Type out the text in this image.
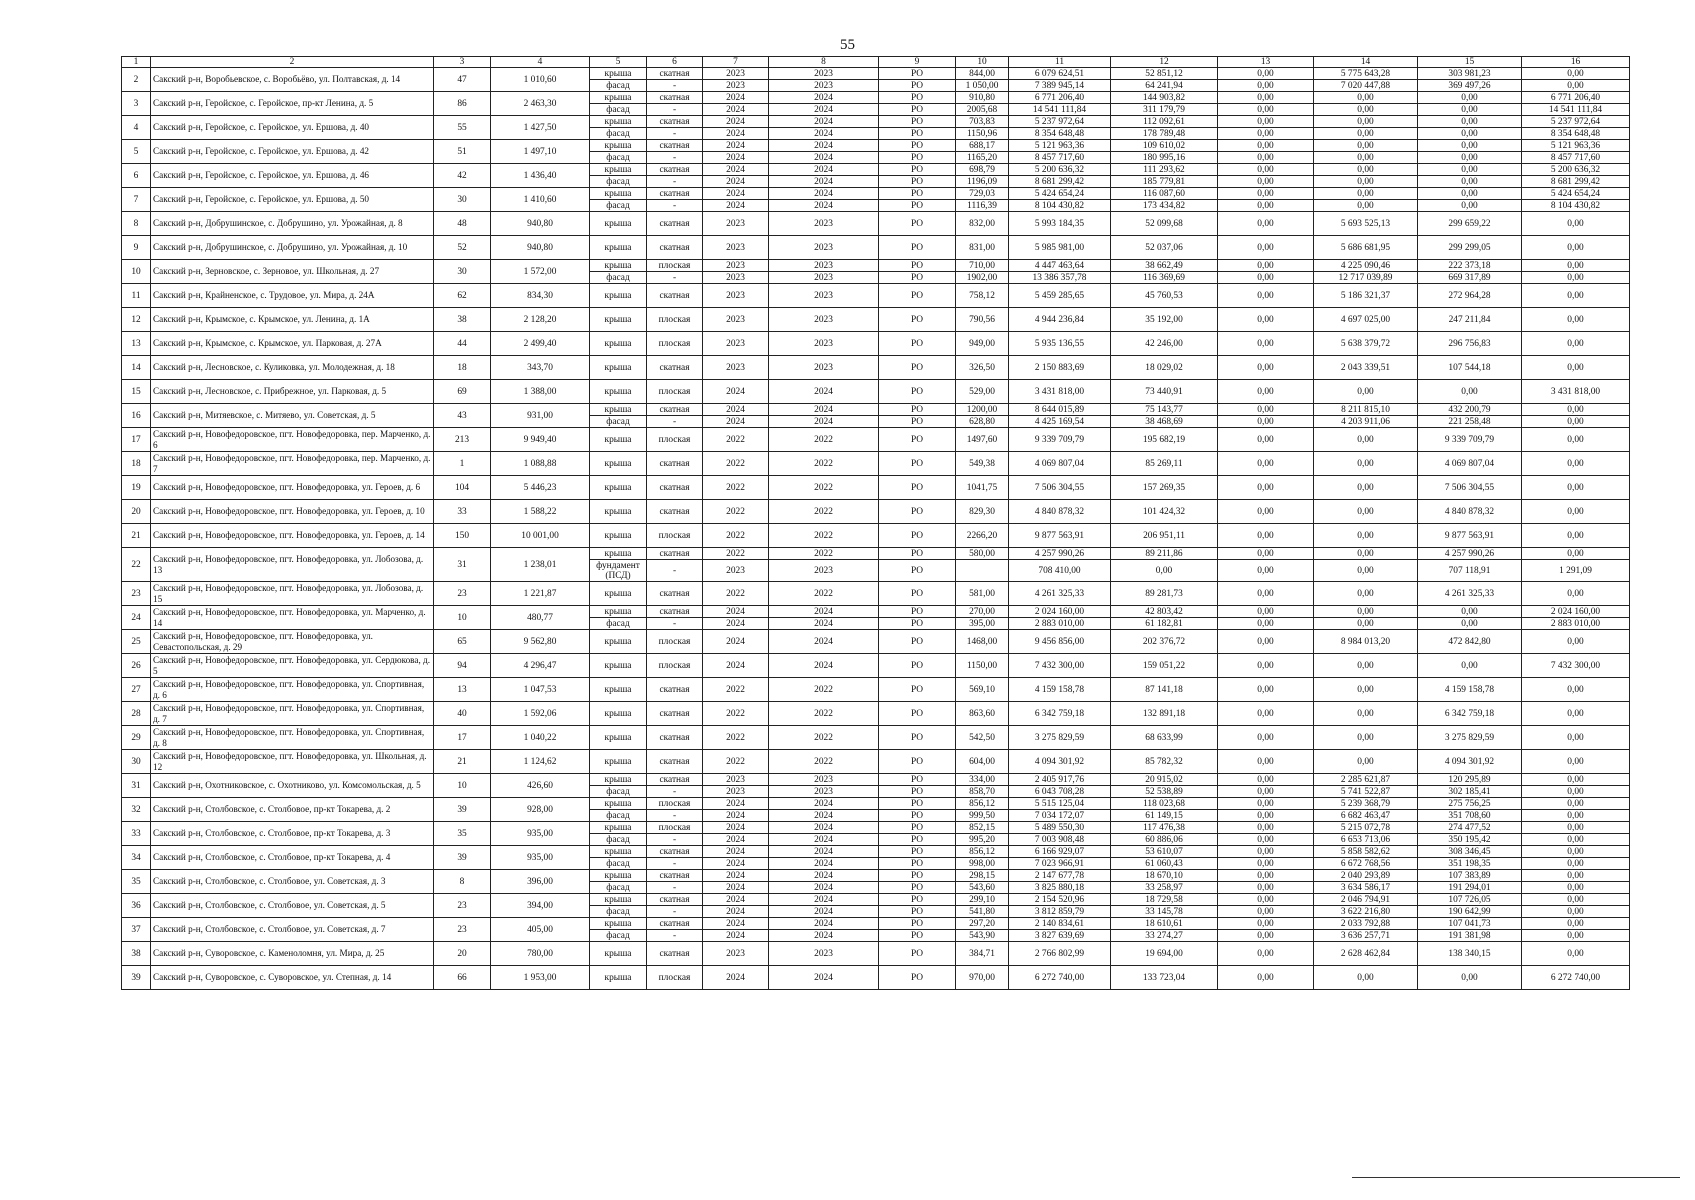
55
1	2	3	4	5	6	7	8	9	10	11	12	13	14	15	16
2	Сакский р-н, Воробьевское, с. Воробьёво, ул. Полтавская, д. 14	47	1 010,60	крыша	скатная	2023	2023	РО	844,00	6 079 624,51	52 851,12	0,00	5 775 643,28	303 981,23	0,00
				фасад	-	2023	2023	РО	1 050,00	7 389 945,14	64 241,94	0,00	7 020 447,88	369 497,26	0,00
3	Сакский р-н, Геройское, с. Геройское, пр-кт Ленина, д. 5	86	2 463,30	крыша	скатная	2024	2024	РО	910,80	6 771 206,40	144 903,82	0,00	0,00	0,00	6 771 206,40
				фасад	-	2024	2024	РО	2005,68	14 541 111,84	311 179,79	0,00	0,00	0,00	14 541 111,84
4	Сакский р-н, Геройское, с. Геройское, ул. Ершова, д. 40	55	1 427,50	крыша	скатная	2024	2024	РО	703,83	5 237 972,64	112 092,61	0,00	0,00	0,00	5 237 972,64
				фасад	-	2024	2024	РО	1150,96	8 354 648,48	178 789,48	0,00	0,00	0,00	8 354 648,48
5	Сакский р-н, Геройское, с. Геройское, ул. Ершова, д. 42	51	1 497,10	крыша	скатная	2024	2024	РО	688,17	5 121 963,36	109 610,02	0,00	0,00	0,00	5 121 963,36
				фасад	-	2024	2024	РО	1165,20	8 457 717,60	180 995,16	0,00	0,00	0,00	8 457 717,60
6	Сакский р-н, Геройское, с. Геройское, ул. Ершова, д. 46	42	1 436,40	крыша	скатная	2024	2024	РО	698,79	5 200 636,32	111 293,62	0,00	0,00	0,00	5 200 636,32
				фасад	-	2024	2024	РО	1196,09	8 681 299,42	185 779,81	0,00	0,00	0,00	8 681 299,42
7	Сакский р-н, Геройское, с. Геройское, ул. Ершова, д. 50	30	1 410,60	крыша	скатная	2024	2024	РО	729,03	5 424 654,24	116 087,60	0,00	0,00	0,00	5 424 654,24
				фасад	-	2024	2024	РО	1116,39	8 104 430,82	173 434,82	0,00	0,00	0,00	8 104 430,82
8	Сакский р-н, Добрушинское, с. Добрушино, ул. Урожайная, д. 8	48	940,80	крыша	скатная	2023	2023	РО	832,00	5 993 184,35	52 099,68	0,00	5 693 525,13	299 659,22	0,00
9	Сакский р-н, Добрушинское, с. Добрушино, ул. Урожайная, д. 10	52	940,80	крыша	скатная	2023	2023	РО	831,00	5 985 981,00	52 037,06	0,00	5 686 681,95	299 299,05	0,00
10	Сакский р-н, Зерновское, с. Зерновое, ул. Школьная, д. 27	30	1 572,00	крыша	плоская	2023	2023	РО	710,00	4 447 463,64	38 662,49	0,00	4 225 090,46	222 373,18	0,00
				фасад	-	2023	2023	РО	1902,00	13 386 357,78	116 369,69	0,00	12 717 039,89	669 317,89	0,00
11	Сакский р-н, Крайненское, с. Трудовое, ул. Мира, д. 24А	62	834,30	крыша	скатная	2023	2023	РО	758,12	5 459 285,65	45 760,53	0,00	5 186 321,37	272 964,28	0,00
12	Сакский р-н, Крымское, с. Крымское, ул. Ленина, д. 1А	38	2 128,20	крыша	плоская	2023	2023	РО	790,56	4 944 236,84	35 192,00	0,00	4 697 025,00	247 211,84	0,00
13	Сакский р-н, Крымское, с. Крымское, ул. Парковая, д. 27А	44	2 499,40	крыша	плоская	2023	2023	РО	949,00	5 935 136,55	42 246,00	0,00	5 638 379,72	296 756,83	0,00
14	Сакский р-н, Лесновское, с. Куликовка, ул. Молодежная, д. 18	18	343,70	крыша	скатная	2023	2023	РО	326,50	2 150 883,69	18 029,02	0,00	2 043 339,51	107 544,18	0,00
15	Сакский р-н, Лесновское, с. Прибрежное, ул. Парковая, д. 5	69	1 388,00	крыша	плоская	2024	2024	РО	529,00	3 431 818,00	73 440,91	0,00	0,00	0,00	3 431 818,00
16	Сакский р-н, Митяевское, с. Митяево, ул. Советская, д. 5	43	931,00	крыша	скатная	2024	2024	РО	1200,00	8 644 015,89	75 143,77	0,00	8 211 815,10	432 200,79	0,00
				фасад	-	2024	2024	РО	628,80	4 425 169,54	38 468,69	0,00	4 203 911,06	221 258,48	0,00
17	Сакский р-н, Новофедоровское, пгт. Новофедоровка, пер. Марченко, д. 6	213	9 949,40	крыша	плоская	2022	2022	РО	1497,60	9 339 709,79	195 682,19	0,00	0,00	9 339 709,79	0,00
18	Сакский р-н, Новофедоровское, пгт. Новофедоровка, пер. Марченко, д. 7	1	1 088,88	крыша	скатная	2022	2022	РО	549,38	4 069 807,04	85 269,11	0,00	0,00	4 069 807,04	0,00
19	Сакский р-н, Новофедоровское, пгт. Новофедоровка, ул. Героев, д. 6	104	5 446,23	крыша	скатная	2022	2022	РО	1041,75	7 506 304,55	157 269,35	0,00	0,00	7 506 304,55	0,00
20	Сакский р-н, Новофедоровское, пгт. Новофедоровка, ул. Героев, д. 10	33	1 588,22	крыша	скатная	2022	2022	РО	829,30	4 840 878,32	101 424,32	0,00	0,00	4 840 878,32	0,00
21	Сакский р-н, Новофедоровское, пгт. Новофедоровка, ул. Героев, д. 14	150	10 001,00	крыша	плоская	2022	2022	РО	2266,20	9 877 563,91	206 951,11	0,00	0,00	9 877 563,91	0,00
22	Сакский р-н, Новофедоровское, пгт. Новофедоровка, ул. Лобозова, д. 13	31	1 238,01	крыша	скатная	2022	2022	РО	580,00	4 257 990,26	89 211,86	0,00	0,00	4 257 990,26	0,00
				фундамент (ПСД)	-	2023	2023	РО		708 410,00	0,00	0,00	0,00	707 118,91	1 291,09
23	Сакский р-н, Новофедоровское, пгт. Новофедоровка, ул. Лобозова, д. 15	23	1 221,87	крыша	скатная	2022	2022	РО	581,00	4 261 325,33	89 281,73	0,00	0,00	4 261 325,33	0,00
24	Сакский р-н, Новофедоровское, пгт. Новофедоровка, ул. Марченко, д. 14	10	480,77	крыша	скатная	2024	2024	РО	270,00	2 024 160,00	42 803,42	0,00	0,00	0,00	2 024 160,00
				фасад	-	2024	2024	РО	395,00	2 883 010,00	61 182,81	0,00	0,00	0,00	2 883 010,00
25	Сакский р-н, Новофедоровское, пгт. Новофедоровка, ул. Севастопольская, д. 29	65	9 562,80	крыша	плоская	2024	2024	РО	1468,00	9 456 856,00	202 376,72	0,00	8 984 013,20	472 842,80	0,00
26	Сакский р-н, Новофедоровское, пгт. Новофедоровка, ул. Сердюкова, д. 5	94	4 296,47	крыша	плоская	2024	2024	РО	1150,00	7 432 300,00	159 051,22	0,00	0,00	0,00	7 432 300,00
27	Сакский р-н, Новофедоровское, пгт. Новофедоровка, ул. Спортивная, д. 6	13	1 047,53	крыша	скатная	2022	2022	РО	569,10	4 159 158,78	87 141,18	0,00	0,00	4 159 158,78	0,00
28	Сакский р-н, Новофедоровское, пгт. Новофедоровка, ул. Спортивная, д. 7	40	1 592,06	крыша	скатная	2022	2022	РО	863,60	6 342 759,18	132 891,18	0,00	0,00	6 342 759,18	0,00
29	Сакский р-н, Новофедоровское, пгт. Новофедоровка, ул. Спортивная, д. 8	17	1 040,22	крыша	скатная	2022	2022	РО	542,50	3 275 829,59	68 633,99	0,00	0,00	3 275 829,59	0,00
30	Сакский р-н, Новофедоровское, пгт. Новофедоровка, ул. Школьная, д. 12	21	1 124,62	крыша	скатная	2022	2022	РО	604,00	4 094 301,92	85 782,32	0,00	0,00	4 094 301,92	0,00
31	Сакский р-н, Охотниковское, с. Охотниково, ул. Комсомольская, д. 5	10	426,60	крыша	скатная	2023	2023	РО	334,00	2 405 917,76	20 915,02	0,00	2 285 621,87	120 295,89	0,00
				фасад	-	2023	2023	РО	858,70	6 043 708,28	52 538,89	0,00	5 741 522,87	302 185,41	0,00
32	Сакский р-н, Столбовское, с. Столбовое, пр-кт Токарева, д. 2	39	928,00	крыша	плоская	2024	2024	РО	856,12	5 515 125,04	118 023,68	0,00	5 239 368,79	275 756,25	0,00
				фасад	-	2024	2024	РО	999,50	7 034 172,07	61 149,15	0,00	6 682 463,47	351 708,60	0,00
33	Сакский р-н, Столбовское, с. Столбовое, пр-кт Токарева, д. 3	35	935,00	крыша	плоская	2024	2024	РО	852,15	5 489 550,30	117 476,38	0,00	5 215 072,78	274 477,52	0,00
				фасад	-	2024	2024	РО	995,20	7 003 908,48	60 886,06	0,00	6 653 713,06	350 195,42	0,00
34	Сакский р-н, Столбовское, с. Столбовое, пр-кт Токарева, д. 4	39	935,00	крыша	скатная	2024	2024	РО	856,12	6 166 929,07	53 610,07	0,00	5 858 582,62	308 346,45	0,00
				фасад	-	2024	2024	РО	998,00	7 023 966,91	61 060,43	0,00	6 672 768,56	351 198,35	0,00
35	Сакский р-н, Столбовское, с. Столбовое, ул. Советская, д. 3	8	396,00	крыша	скатная	2024	2024	РО	298,15	2 147 677,78	18 670,10	0,00	2 040 293,89	107 383,89	0,00
				фасад	-	2024	2024	РО	543,60	3 825 880,18	33 258,97	0,00	3 634 586,17	191 294,01	0,00
36	Сакский р-н, Столбовское, с. Столбовое, ул. Советская, д. 5	23	394,00	крыша	скатная	2024	2024	РО	299,10	2 154 520,96	18 729,58	0,00	2 046 794,91	107 726,05	0,00
				фасад	-	2024	2024	РО	541,80	3 812 859,79	33 145,78	0,00	3 622 216,80	190 642,99	0,00
37	Сакский р-н, Столбовское, с. Столбовое, ул. Советская, д. 7	23	405,00	крыша	скатная	2024	2024	РО	297,20	2 140 834,61	18 610,61	0,00	2 033 792,88	107 041,73	0,00
				фасад	-	2024	2024	РО	543,90	3 827 639,69	33 274,27	0,00	3 636 257,71	191 381,98	0,00
38	Сакский р-н, Суворовское, с. Каменоломня, ул. Мира, д. 25	20	780,00	крыша	скатная	2023	2023	РО	384,71	2 766 802,99	19 694,00	0,00	2 628 462,84	138 340,15	0,00
39	Сакский р-н, Суворовское, с. Суворовское, ул. Степная, д. 14	66	1 953,00	крыша	плоская	2024	2024	РО	970,00	6 272 740,00	133 723,04	0,00	0,00	0,00	6 272 740,00
